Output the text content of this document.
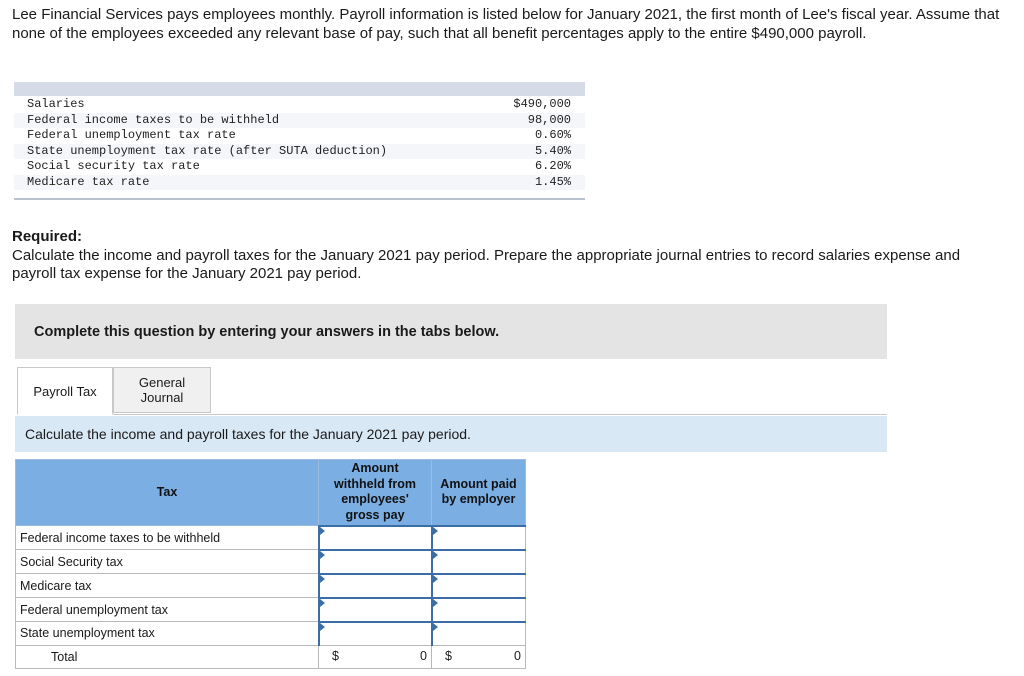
Lee Financial Services pays employees monthly. Payroll information is listed below for January 2021, the first month of Lee's fiscal year. Assume that none of the employees exceeded any relevant base of pay, such that all benefit percentages apply to the entire $490,000 payroll.

Salaries	$490,000
Federal income taxes to be withheld	98,000
Federal unemployment tax rate	0.60%
State unemployment tax rate (after SUTA deduction)	5.40%
Social security tax rate	6.20%
Medicare tax rate	1.45%
Required:
Calculate the income and payroll taxes for the January 2021 pay period. Prepare the appropriate journal entries to record salaries expense and payroll tax expense for the January 2021 pay period.
Complete this question by entering your answers in the tabs below.
Payroll Tax
General Journal
Calculate the income and payroll taxes for the January 2021 pay period.
Tax	Amount withheld from employees' gross pay	Amount paid by employer

Federal income taxes to be withheld		
Social Security tax		
Medicare tax		
Federal unemployment tax		
State unemployment tax		
Total	$ 0	$ 0
